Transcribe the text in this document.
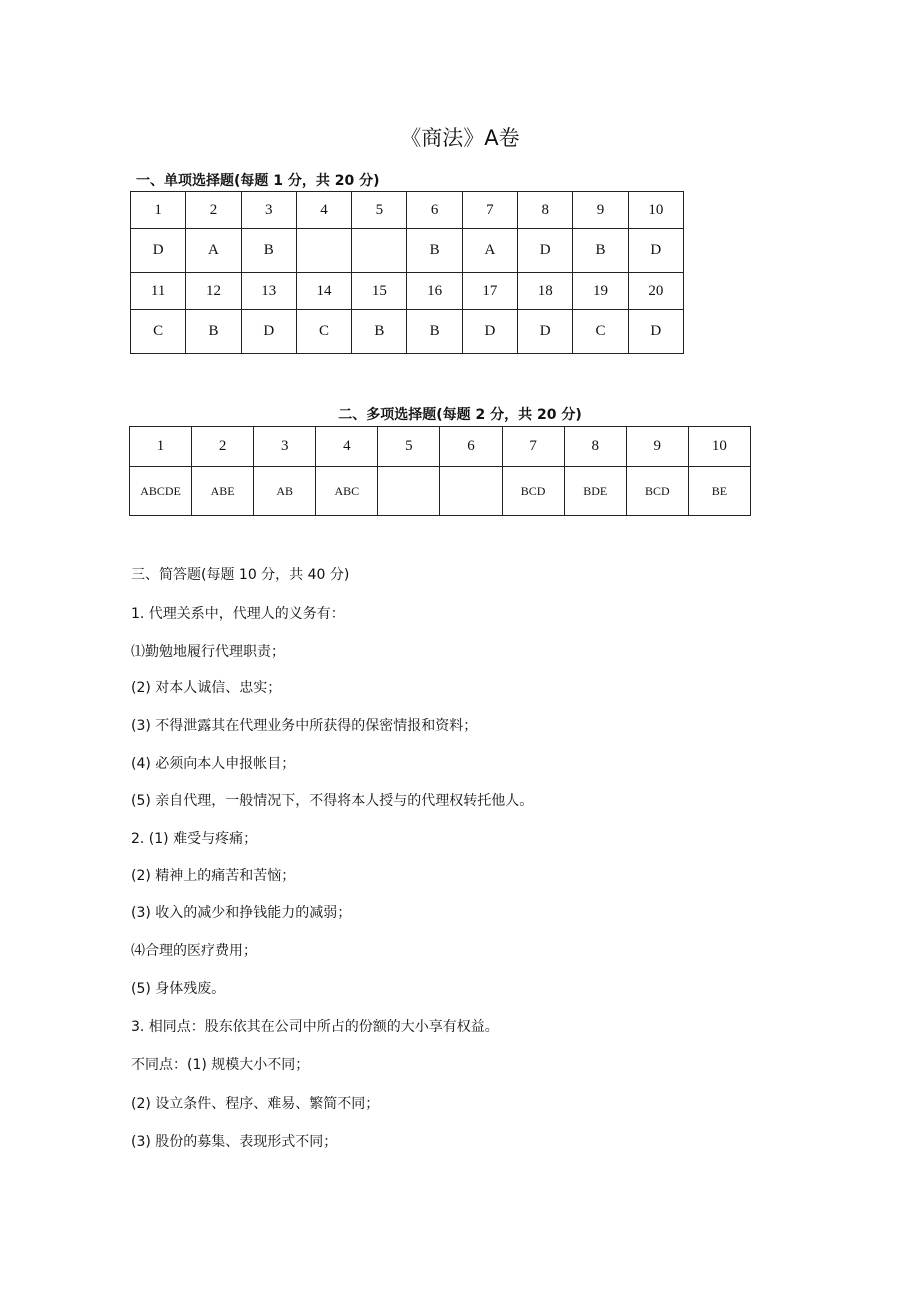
《商法》A卷
一、单项选择题(每题 1 分，共 20 分)
1	2	3	4	5	6	7	8	9	10
D	A	B			B	A	D	B	D
11	12	13	14	15	16	17	18	19	20
C	B	D	C	B	B	D	D	C	D
二、多项选择题(每题 2 分，共 20 分)
1	2	3	4	5	6	7	8	9	10
ABCDE	ABE	AB	ABC			BCD	BDE	BCD	BE
三、简答题(每题 10 分，共 40 分)
1. 代理关系中，代理人的义务有：
⑴勤勉地履行代理职责；
(2) 对本人诚信、忠实；
(3) 不得泄露其在代理业务中所获得的保密情报和资料；
(4) 必须向本人申报帐目；
(5) 亲自代理，一般情况下，不得将本人授与的代理权转托他人。
2. (1) 难受与疼痛；
(2) 精神上的痛苦和苦恼；
(3) 收入的减少和挣钱能力的减弱；
⑷合理的医疗费用；
(5) 身体残废。
3. 相同点：股东依其在公司中所占的份额的大小享有权益。
不同点：(1) 规模大小不同；
(2) 设立条件、程序、难易、繁简不同；
(3) 股份的募集、表现形式不同；
